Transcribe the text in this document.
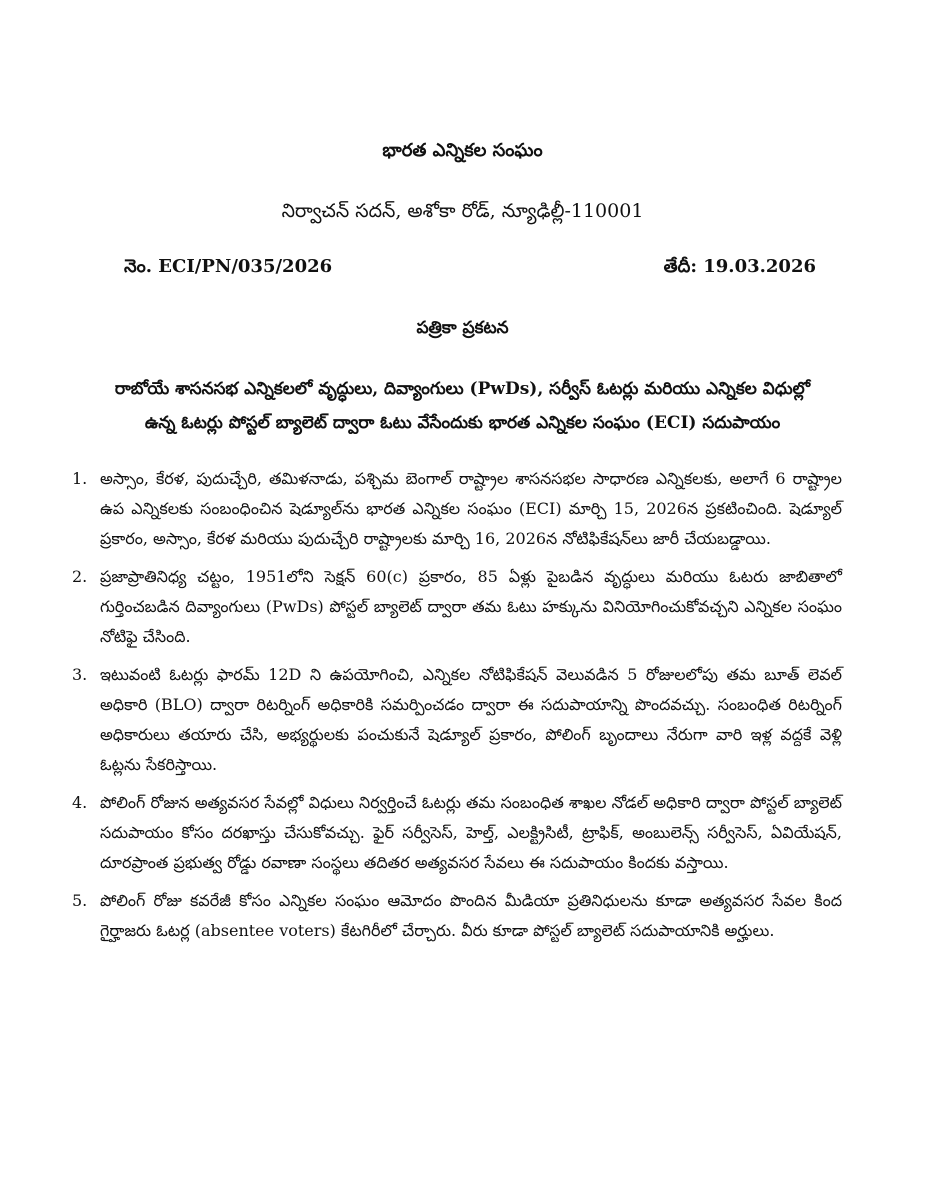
భారత ఎన్నికల సంఘం
నిర్వాచన్ సదన్, అశోకా రోడ్, న్యూఢిల్లీ-110001
నెం. ECI/PN/035/2026	తేదీ: 19.03.2026
పత్రికా ప్రకటన
రాబోయే శాసనసభ ఎన్నికలలో వృద్ధులు, దివ్యాంగులు (PwDs), సర్వీస్ ఓటర్లు మరియు ఎన్నికల విధుల్లో ఉన్న ఓటర్లు పోస్టల్ బ్యాలెట్ ద్వారా ఓటు వేసేందుకు భారత ఎన్నికల సంఘం (ECI) సదుపాయం
1. అస్సాం, కేరళ, పుదుచ్చేరి, తమిళనాడు, పశ్చిమ బెంగాల్ రాష్ట్రాల శాసనసభల సాధారణ ఎన్నికలకు, అలాగే 6 రాష్ట్రాల ఉప ఎన్నికలకు సంబంధించిన షెడ్యూల్‌ను భారత ఎన్నికల సంఘం (ECI) మార్చి 15, 2026న ప్రకటించింది. షెడ్యూల్ ప్రకారం, అస్సాం, కేరళ మరియు పుదుచ్చేరి రాష్ట్రాలకు మార్చి 16, 2026న నోటిఫికేషన్‌లు జారీ చేయబడ్డాయి.
2. ప్రజాప్రాతినిధ్య చట్టం, 1951లోని సెక్షన్ 60(c) ప్రకారం, 85 ఏళ్లు పైబడిన వృద్ధులు మరియు ఓటరు జాబితాలో గుర్తించబడిన దివ్యాంగులు (PwDs) పోస్టల్ బ్యాలెట్ ద్వారా తమ ఓటు హక్కును వినియోగించుకోవచ్చని ఎన్నికల సంఘం నోటిఫై చేసింది.
3. ఇటువంటి ఓటర్లు ఫారమ్ 12D ని ఉపయోగించి, ఎన్నికల నోటిఫికేషన్ వెలువడిన 5 రోజులలోపు తమ బూత్ లెవల్ అధికారి (BLO) ద్వారా రిటర్నింగ్ అధికారికి సమర్పించడం ద్వారా ఈ సదుపాయాన్ని పొందవచ్చు. సంబంధిత రిటర్నింగ్ అధికారులు తయారు చేసి, అభ్యర్థులకు పంచుకునే షెడ్యూల్ ప్రకారం, పోలింగ్ బృందాలు నేరుగా వారి ఇళ్ల వద్దకే వెళ్లి ఓట్లను సేకరిస్తాయి.
4. పోలింగ్ రోజున అత్యవసర సేవల్లో విధులు నిర్వర్తించే ఓటర్లు తమ సంబంధిత శాఖల నోడల్ అధికారి ద్వారా పోస్టల్ బ్యాలెట్ సదుపాయం కోసం దరఖాస్తు చేసుకోవచ్చు. ఫైర్ సర్వీసెస్, హెల్త్, ఎలక్ట్రిసిటీ, ట్రాఫిక్, అంబులెన్స్ సర్వీసెస్, ఏవియేషన్, దూరప్రాంత ప్రభుత్వ రోడ్డు రవాణా సంస్థలు తదితర అత్యవసర సేవలు ఈ సదుపాయం కిందకు వస్తాయి.
5. పోలింగ్ రోజు కవరేజీ కోసం ఎన్నికల సంఘం ఆమోదం పొందిన మీడియా ప్రతినిధులను కూడా అత్యవసర సేవల కింద గైర్హాజరు ఓటర్ల (absentee voters) కేటగిరీలో చేర్చారు. వీరు కూడా పోస్టల్ బ్యాలెట్ సదుపాయానికి అర్హులు.
